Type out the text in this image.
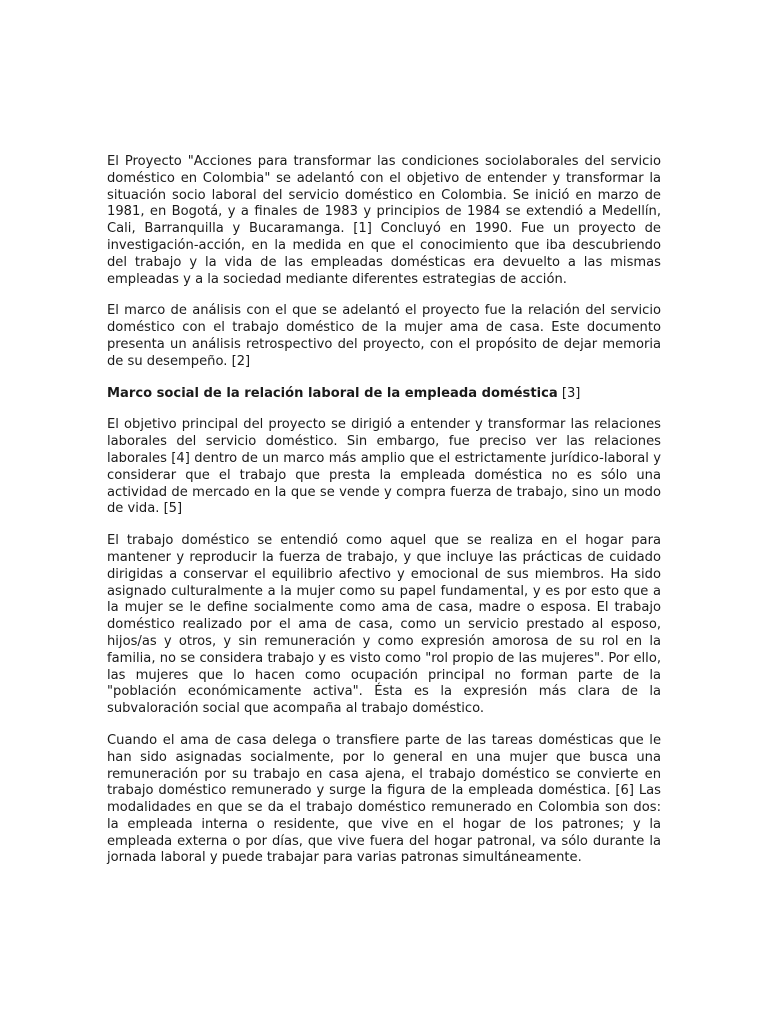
El Proyecto "Acciones para transformar las condiciones sociolaborales del servicio doméstico en Colombia" se adelantó con el objetivo de entender y transformar la situación socio laboral del servicio doméstico en Colombia. Se inició en marzo de 1981, en Bogotá, y a finales de 1983 y principios de 1984 se extendió a Medellín, Cali, Barranquilla y Bucaramanga. [1] Concluyó en 1990. Fue un proyecto de investigación-acción, en la medida en que el conocimiento que iba descubriendo del trabajo y la vida de las empleadas domésticas era devuelto a las mismas empleadas y a la sociedad mediante diferentes estrategias de acción.

El marco de análisis con el que se adelantó el proyecto fue la relación del servicio doméstico con el trabajo doméstico de la mujer ama de casa. Este documento presenta un análisis retrospectivo del proyecto, con el propósito de dejar memoria de su desempeño. [2]

Marco social de la relación laboral de la empleada doméstica [3]

El objetivo principal del proyecto se dirigió a entender y transformar las relaciones laborales del servicio doméstico. Sin embargo, fue preciso ver las relaciones laborales [4] dentro de un marco más amplio que el estrictamente jurídico-laboral y considerar que el trabajo que presta la empleada doméstica no es sólo una actividad de mercado en la que se vende y compra fuerza de trabajo, sino un modo de vida. [5]

El trabajo doméstico se entendió como aquel que se realiza en el hogar para mantener y reproducir la fuerza de trabajo, y que incluye las prácticas de cuidado dirigidas a conservar el equilibrio afectivo y emocional de sus miembros. Ha sido asignado culturalmente a la mujer como su papel fundamental, y es por esto que a la mujer se le define socialmente como ama de casa, madre o esposa. El trabajo doméstico realizado por el ama de casa, como un servicio prestado al esposo, hijos/as y otros, y sin remuneración y como expresión amorosa de su rol en la familia, no se considera trabajo y es visto como "rol propio de las mujeres". Por ello, las mujeres que lo hacen como ocupación principal no forman parte de la "población económicamente activa". Ésta es la expresión más clara de la subvaloración social que acompaña al trabajo doméstico.

Cuando el ama de casa delega o transfiere parte de las tareas domésticas que le han sido asignadas socialmente, por lo general en una mujer que busca una remuneración por su trabajo en casa ajena, el trabajo doméstico se convierte en trabajo doméstico remunerado y surge la figura de la empleada doméstica. [6] Las modalidades en que se da el trabajo doméstico remunerado en Colombia son dos: la empleada interna o residente, que vive en el hogar de los patrones; y la empleada externa o por días, que vive fuera del hogar patronal, va sólo durante la jornada laboral y puede trabajar para varias patronas simultáneamente.
